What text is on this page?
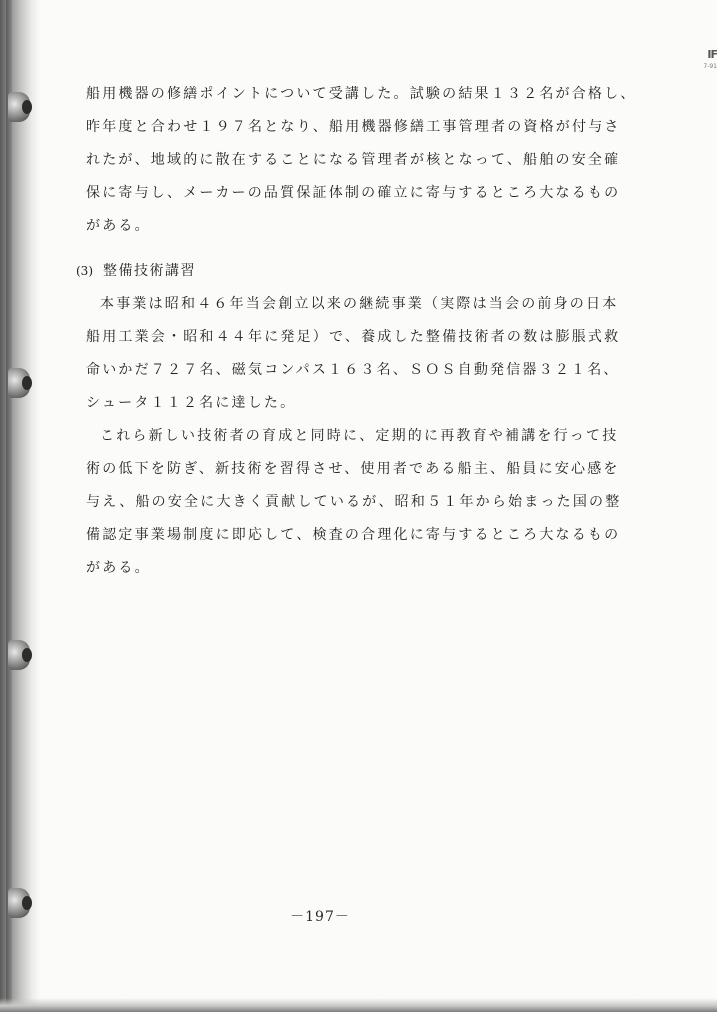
IF
7-91
船用機器の修繕ポイントについて受講した。試験の結果１３２名が合格し、
昨年度と合わせ１９７名となり、船用機器修繕工事管理者の資格が付与さ
れたが、地域的に散在することになる管理者が核となって、船舶の安全確
保に寄与し、メーカーの品質保証体制の確立に寄与するところ大なるもの
がある。
(3) 整備技術講習
本事業は昭和４６年当会創立以来の継続事業（実際は当会の前身の日本
船用工業会・昭和４４年に発足）で、養成した整備技術者の数は膨脹式救
命いかだ７２７名、磁気コンパス１６３名、ＳＯＳ自動発信器３２１名、
シュータ１１２名に達した。
これら新しい技術者の育成と同時に、定期的に再教育や補講を行って技
術の低下を防ぎ、新技術を習得させ、使用者である船主、船員に安心感を
与え、船の安全に大きく貢献しているが、昭和５１年から始まった国の整
備認定事業場制度に即応して、検査の合理化に寄与するところ大なるもの
がある。
－197－
